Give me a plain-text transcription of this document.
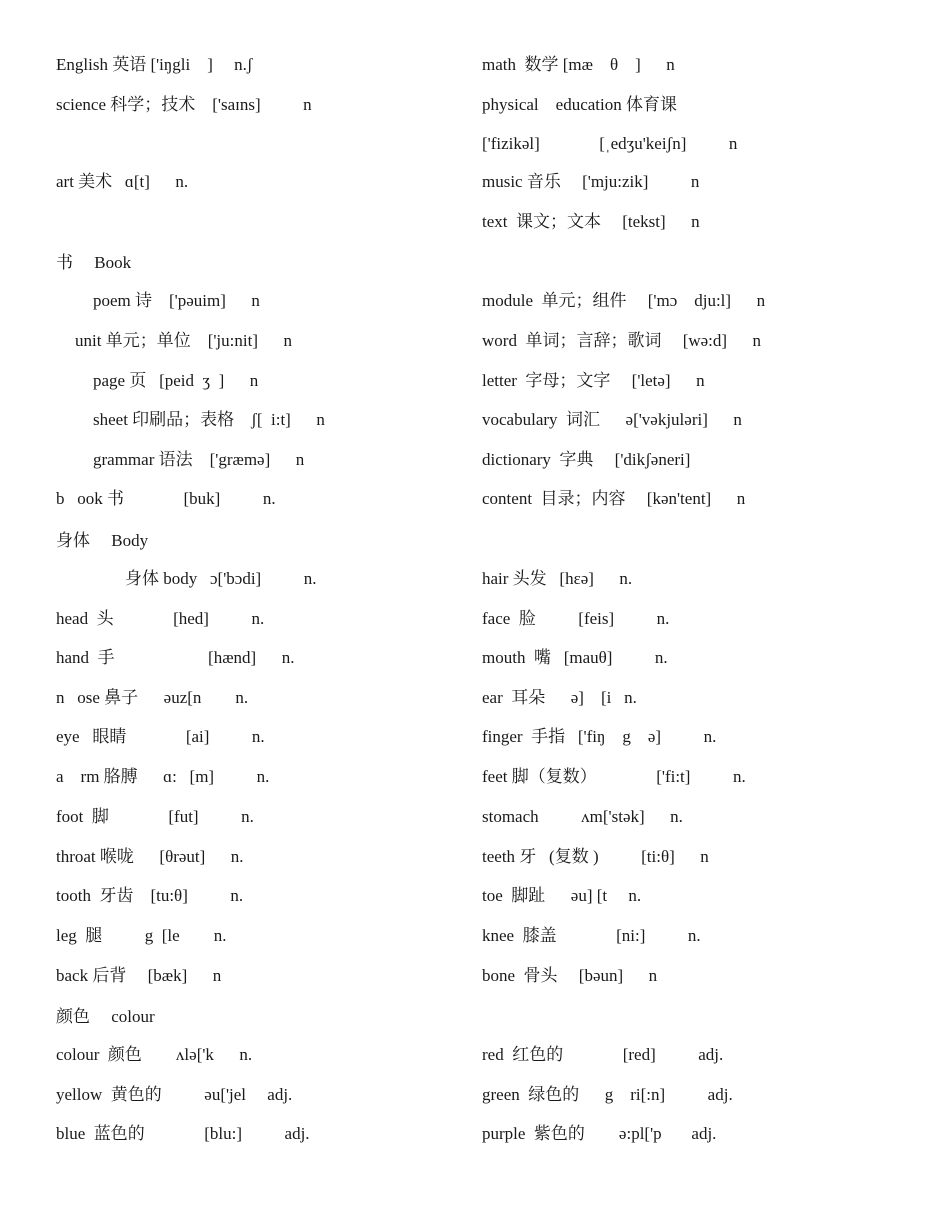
English 英语 ['iŋgli    ]     n.ʃ
science 科学；技术    ['saɪns]          n
art 美术   ɑ[t]      n.
书     Book
poem 诗    ['pəuim]      n
unit 单元；单位    ['ju:nit]      n
page 页   [peid  ʒ  ]      n
sheet 印刷品；表格    ʃ[  i:t]      n
grammar 语法    ['græmə]      n
b   ook 书              [buk]          n.
身体     Body
身体 body   ɔ['bɔdi]          n.
head  头              [hed]          n.
hand  手                      [hænd]      n.
n   ose 鼻子      əuz[n        n.
eye   眼睛              [ai]          n.
a    rm 胳膊      ɑ:   [m]          n.
foot  脚              [fut]          n.
throat 喉咙      [θrəut]      n.
tooth  牙齿    [tu:θ]          n.
leg  腿          g  [le        n.
back 后背     [bæk]      n
颜色     colour
colour  颜色        ʌlə['k      n.
yellow  黄色的          əu['jel     adj.
blue  蓝色的              [blu:]          adj.
math  数学 [mæ    θ    ]      n
physical    education 体育课
['fizikəl]              [ˌedʒu'keiʃn]          n
music 音乐     ['mju:zik]          n
text  课文；文本     [tekst]      n
module  单元；组件     ['mɔ    dju:l]      n
word  单词；言辞；歌词     [wə:d]      n
letter  字母；文字     ['letə]      n
vocabulary  词汇      ə['vəkjuləri]      n
dictionary  字典     ['dikʃəneri]
content  目录；内容     [kən'tent]      n
hair 头发   [hɛə]      n.
face  脸          [feis]          n.
mouth  嘴   [mauθ]          n.
ear  耳朵      ə]    [i   n.
finger  手指   ['fiŋ    g    ə]          n.
feet 脚（复数）              ['fi:t]          n.
stomach          ʌm['stək]      n.
teeth 牙   (复数 )          [ti:θ]      n
toe  脚趾      əu] [t     n.
knee  膝盖              [ni:]          n.
bone  骨头     [bəun]      n
red  红色的              [red]          adj.
green  绿色的      g    ri[:n]          adj.
purple  紫色的        ə:pl['p       adj.
